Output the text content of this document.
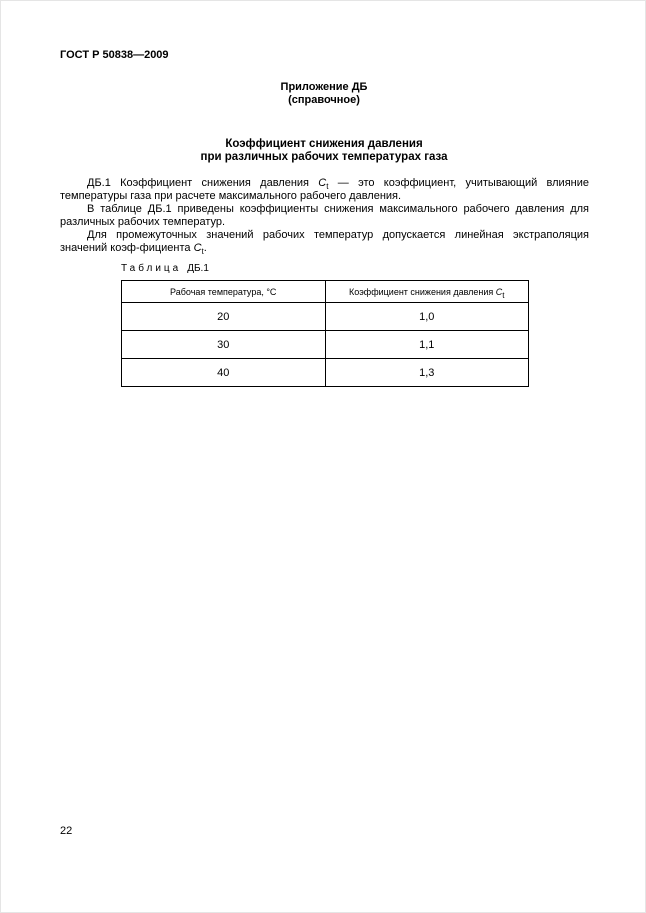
ГОСТ Р 50838—2009
Приложение ДБ
(справочное)
Коэффициент снижения давления
при различных рабочих температурах газа

ДБ.1 Коэффициент снижения давления $C_t$ — это коэффициент, учитывающий влияние температуры газа при расчете максимального рабочего давления.

В таблице ДБ.1 приведены коэффициенты снижения максимального рабочего давления для различных рабочих температур.

Для промежуточных значений рабочих температур допускается линейная экстраполяция значений коэф-фициента $C_t$.

Таблица ДБ.1
Рабочая температура, °С	Коэффициент снижения давления $C_t$
20	1,0
30	1,1
40	1,3
22
